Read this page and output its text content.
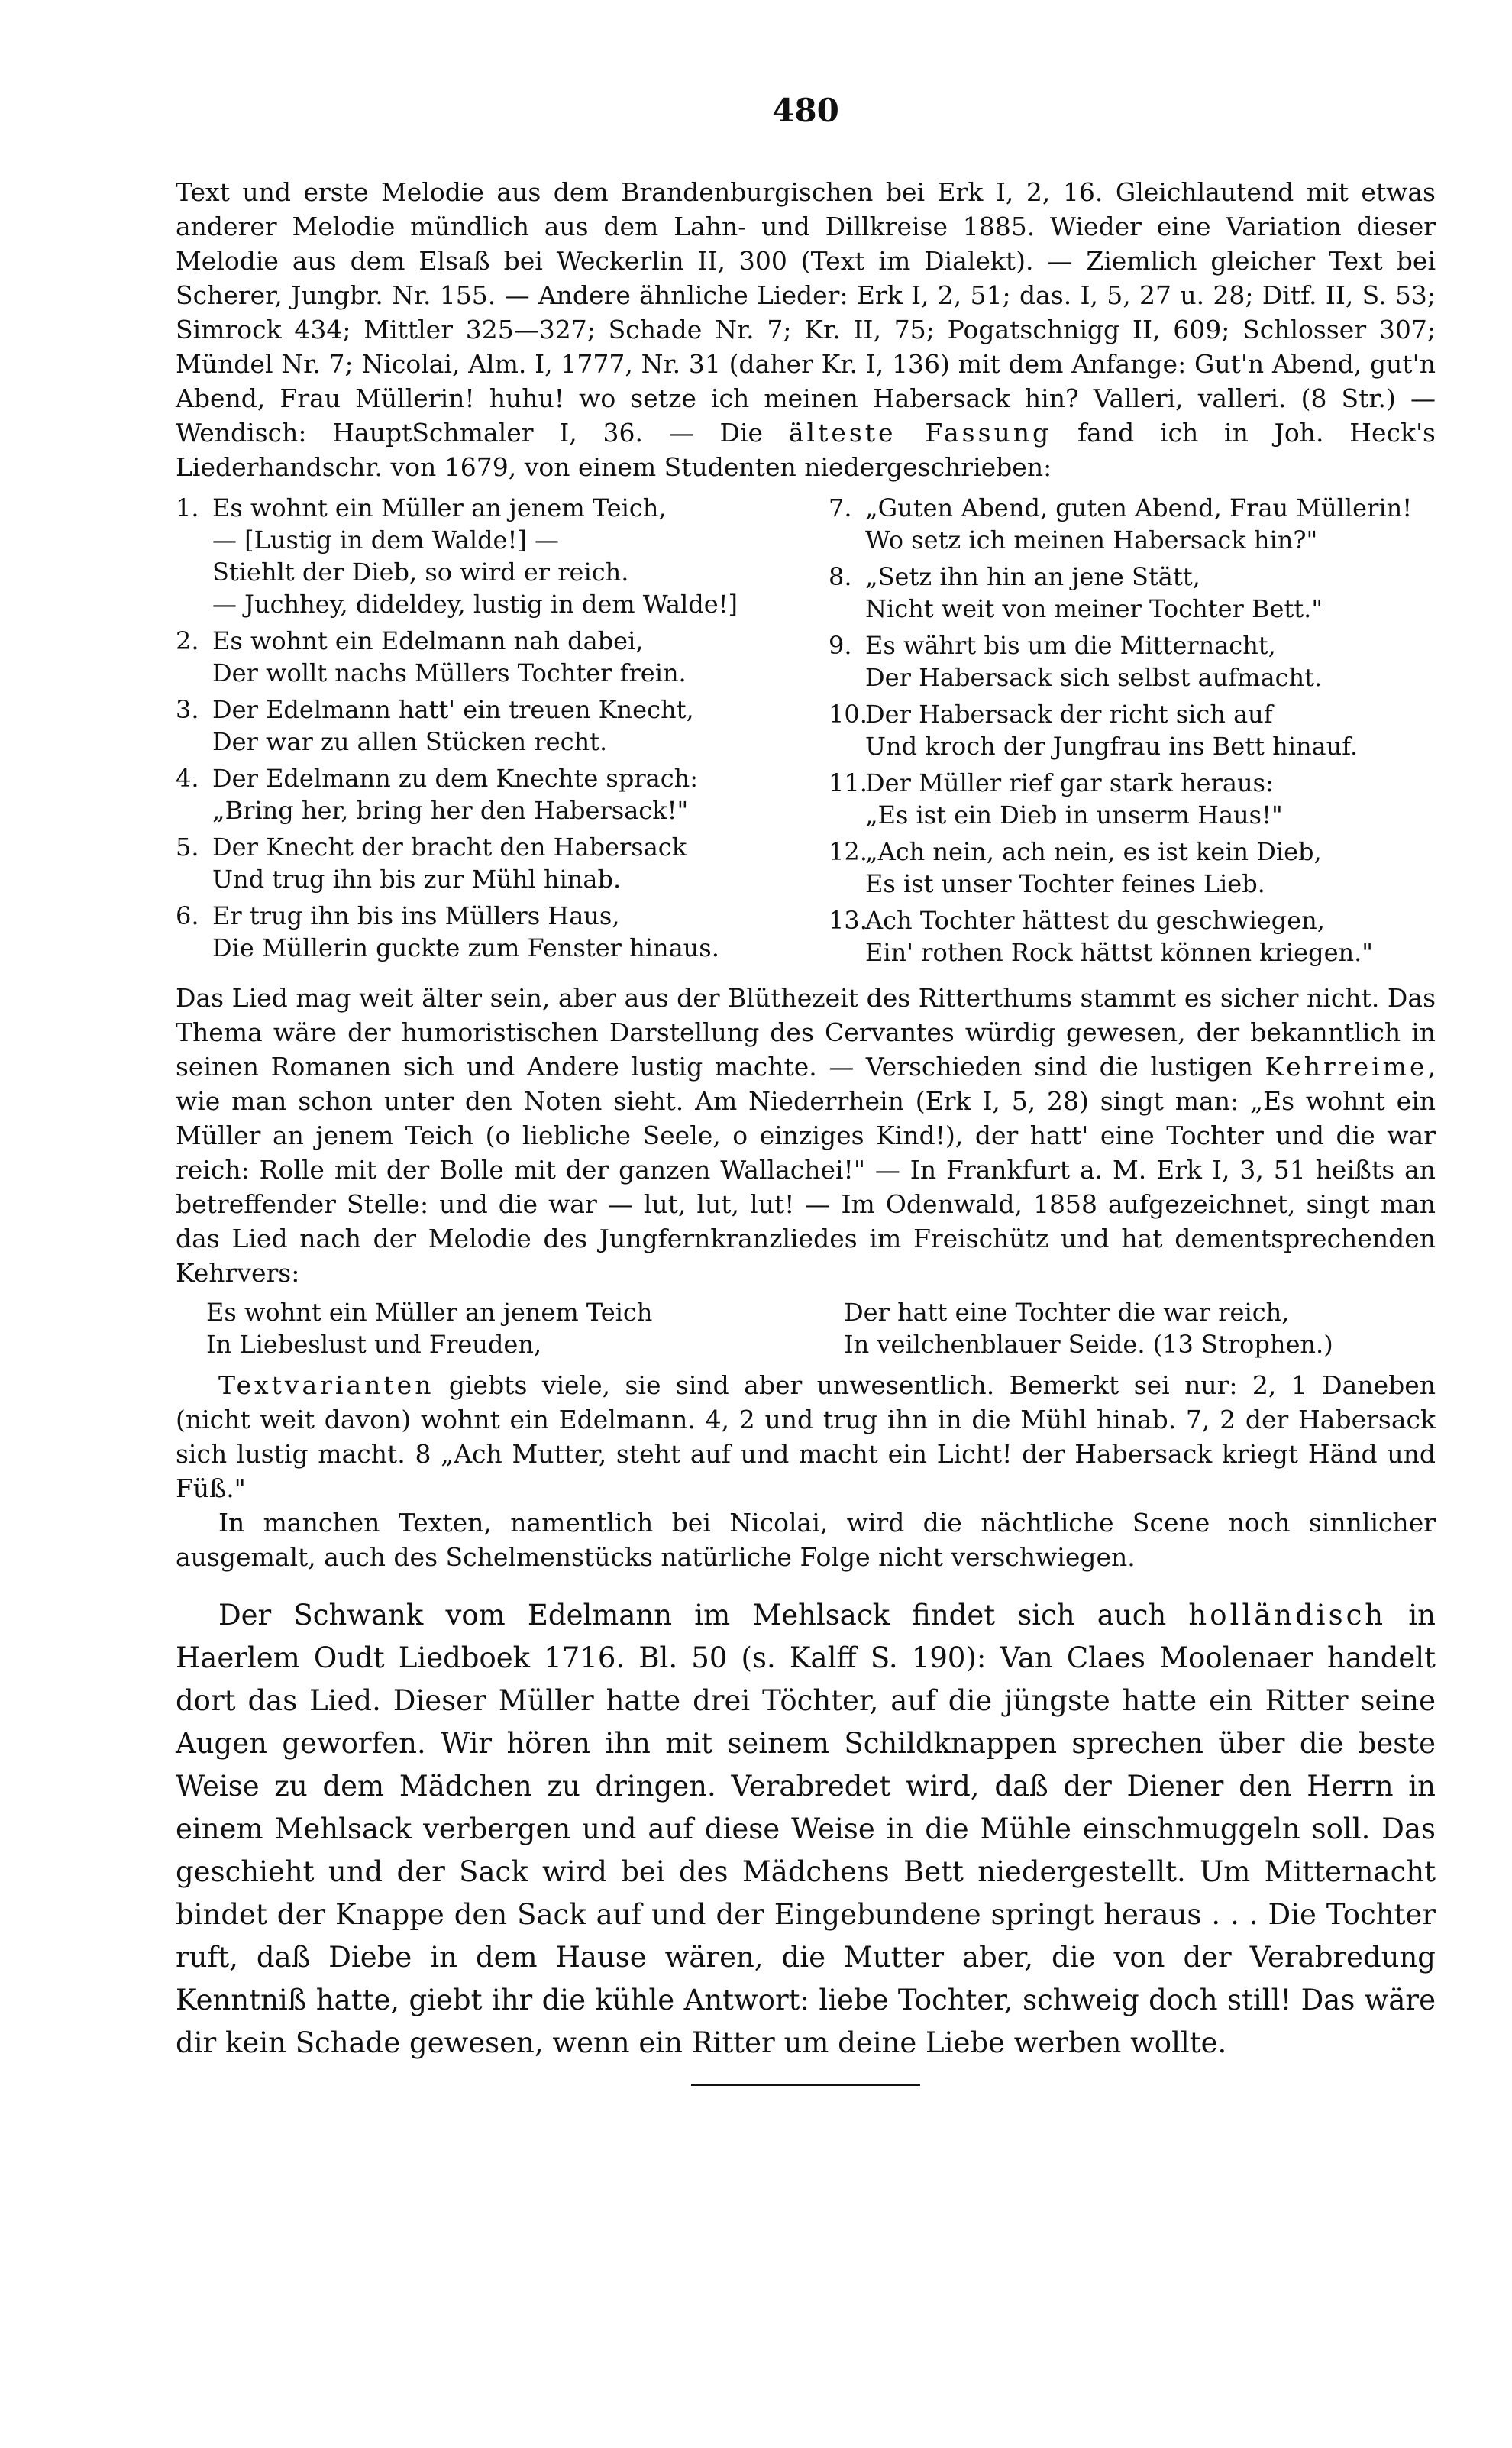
480

Text und erste Melodie aus dem Brandenburgischen bei Erk I, 2, 16. Gleichlautend mit etwas anderer Melodie mündlich aus dem Lahn- und Dillkreise 1885. Wieder eine Variation dieser Melodie aus dem Elsaß bei Weckerlin II, 300 (Text im Dialekt). — Ziemlich gleicher Text bei Scherer, Jungbr. Nr. 155. — Andere ähnliche Lieder: Erk I, 2, 51; das. I, 5, 27 u. 28; Ditf. II, S. 53; Simrock 434; Mittler 325—327; Schade Nr. 7; Kr. II, 75; Pogatschnigg II, 609; Schlosser 307; Mündel Nr. 7; Nicolai, Alm. I, 1777, Nr. 31 (daher Kr. I, 136) mit dem Anfange: Gut'n Abend, gut'n Abend, Frau Müllerin! huhu! wo setze ich meinen Habersack hin? Valleri, valleri. (8 Str.) — Wendisch: HauptSchmaler I, 36. — Die älteste Fassung fand ich in Joh. Heck's Liederhandschr. von 1679, von einem Studenten niedergeschrieben:

1. Es wohnt ein Müller an jenem Teich,
— [Lustig in dem Walde!] —
Stiehlt der Dieb, so wird er reich.
— Juchhey, dideldey, lustig in dem Walde!]
2. Es wohnt ein Edelmann nah dabei,
Der wollt nachs Müllers Tochter frein.
3. Der Edelmann hatt' ein treuen Knecht,
Der war zu allen Stücken recht.
4. Der Edelmann zu dem Knechte sprach:
„Bring her, bring her den Habersack!"
5. Der Knecht der bracht den Habersack
Und trug ihn bis zur Mühl hinab.
6. Er trug ihn bis ins Müllers Haus,
Die Müllerin guckte zum Fenster hinaus.
7. „Guten Abend, guten Abend, Frau Müllerin!
Wo setz ich meinen Habersack hin?"
8. „Setz ihn hin an jene Stätt,
Nicht weit von meiner Tochter Bett."
9. Es währt bis um die Mitternacht,
Der Habersack sich selbst aufmacht.
10.
Der Habersack der richt sich auf
Und kroch der Jungfrau ins Bett hinauf.
11.
Der Müller rief gar stark heraus:
„Es ist ein Dieb in unserm Haus!"
12.
„Ach nein, ach nein, es ist kein Dieb,
Es ist unser Tochter feines Lieb.
13.
Ach Tochter hättest du geschwiegen,
Ein' rothen Rock hättst können kriegen."

Das Lied mag weit älter sein, aber aus der Blüthezeit des Ritterthums stammt es sicher nicht. Das Thema wäre der humoristischen Darstellung des Cervantes würdig gewesen, der bekanntlich in seinen Romanen sich und Andere lustig machte. — Verschieden sind die lustigen Kehrreime, wie man schon unter den Noten sieht. Am Niederrhein (Erk I, 5, 28) singt man: „Es wohnt ein Müller an jenem Teich (o liebliche Seele, o einziges Kind!), der hatt' eine Tochter und die war reich: Rolle mit der Bolle mit der ganzen Wallachei!" — In Frankfurt a. M. Erk I, 3, 51 heißts an betreffender Stelle: und die war — lut, lut, lut! — Im Odenwald, 1858 aufgezeichnet, singt man das Lied nach der Melodie des Jungfernkranzliedes im Freischütz und hat dementsprechenden Kehrvers:

Es wohnt ein Müller an jenem Teich
In Liebeslust und Freuden,
Der hatt eine Tochter die war reich,
In veilchenblauer Seide. (13 Strophen.)

Textvarianten giebts viele, sie sind aber unwesentlich. Bemerkt sei nur: 2, 1 Daneben (nicht weit davon) wohnt ein Edelmann. 4, 2 und trug ihn in die Mühl hinab. 7, 2 der Habersack sich lustig macht. 8 „Ach Mutter, steht auf und macht ein Licht! der Habersack kriegt Händ und Füß."

In manchen Texten, namentlich bei Nicolai, wird die nächtliche Scene noch sinnlicher ausgemalt, auch des Schelmenstücks natürliche Folge nicht verschwiegen.

Der Schwank vom Edelmann im Mehlsack findet sich auch holländisch in Haerlem Oudt Liedboek 1716. Bl. 50 (s. Kalff S. 190): Van Claes Moolenaer handelt dort das Lied. Dieser Müller hatte drei Töchter, auf die jüngste hatte ein Ritter seine Augen geworfen. Wir hören ihn mit seinem Schildknappen sprechen über die beste Weise zu dem Mädchen zu dringen. Verabredet wird, daß der Diener den Herrn in einem Mehlsack verbergen und auf diese Weise in die Mühle einschmuggeln soll. Das geschieht und der Sack wird bei des Mädchens Bett niedergestellt. Um Mitternacht bindet der Knappe den Sack auf und der Eingebundene springt heraus . . . Die Tochter ruft, daß Diebe in dem Hause wären, die Mutter aber, die von der Verabredung Kenntniß hatte, giebt ihr die kühle Antwort: liebe Tochter, schweig doch still! Das wäre dir kein Schade gewesen, wenn ein Ritter um deine Liebe werben wollte.
